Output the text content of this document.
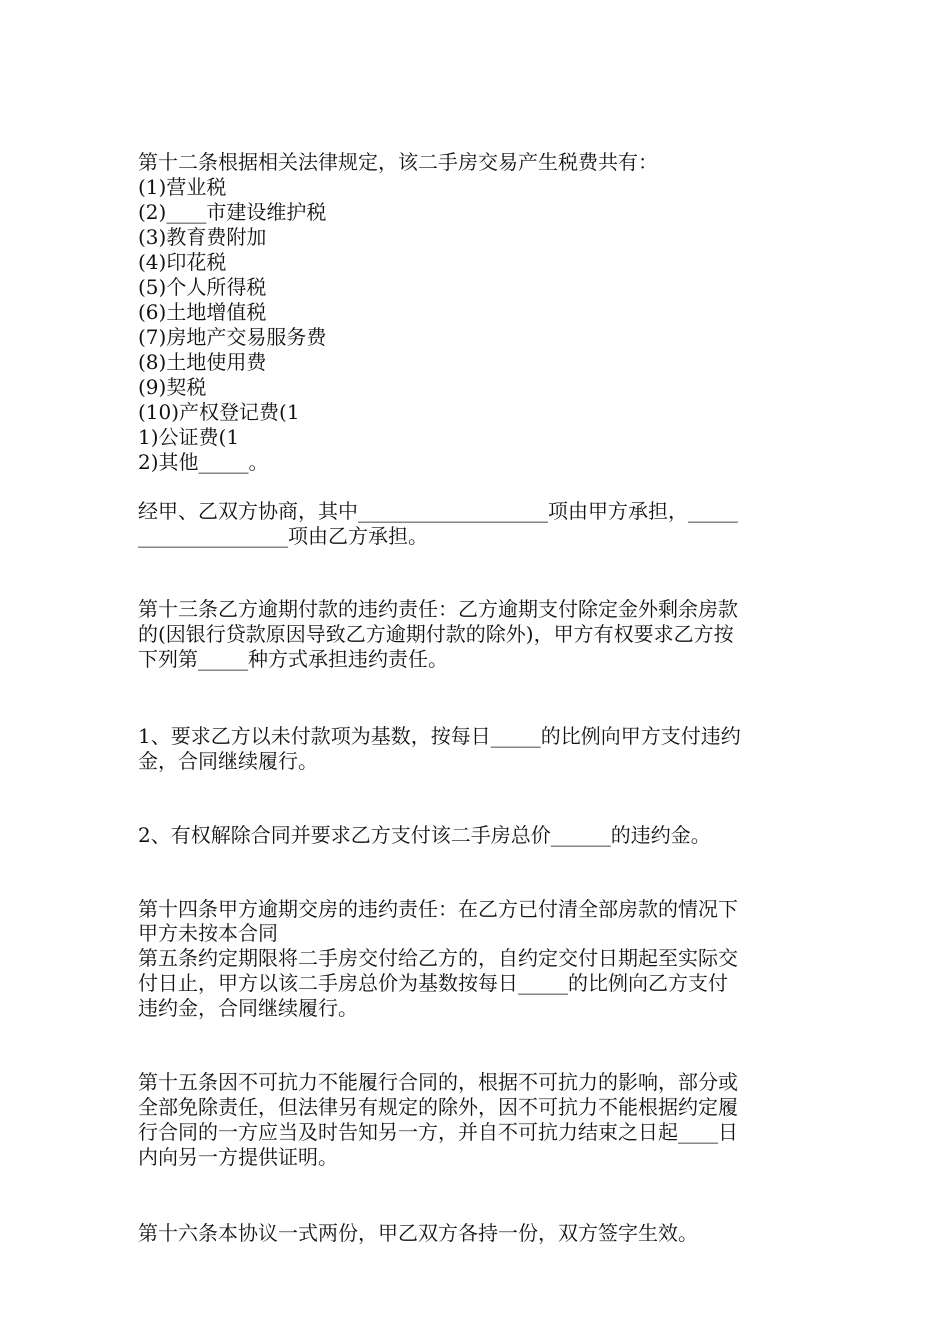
第十二条根据相关法律规定，该二手房交易产生税费共有：
(1)营业税
(2)____市建设维护税
(3)教育费附加
(4)印花税
(5)个人所得税
(6)土地增值税
(7)房地产交易服务费
(8)土地使用费
(9)契税
(10)产权登记费(1
1)公证费(1
2)其他_____。
经甲、乙双方协商，其中___________________项由甲方承担，_____
_______________项由乙方承担。
第十三条乙方逾期付款的违约责任：乙方逾期支付除定金外剩余房款
的(因银行贷款原因导致乙方逾期付款的除外)，甲方有权要求乙方按
下列第_____种方式承担违约责任。
1、要求乙方以未付款项为基数，按每日_____的比例向甲方支付违约
金，合同继续履行。
2、有权解除合同并要求乙方支付该二手房总价______的违约金。
第十四条甲方逾期交房的违约责任：在乙方已付清全部房款的情况下
甲方未按本合同
第五条约定期限将二手房交付给乙方的，自约定交付日期起至实际交
付日止，甲方以该二手房总价为基数按每日_____的比例向乙方支付
违约金，合同继续履行。
第十五条因不可抗力不能履行合同的，根据不可抗力的影响，部分或
全部免除责任，但法律另有规定的除外，因不可抗力不能根据约定履
行合同的一方应当及时告知另一方，并自不可抗力结束之日起____日
内向另一方提供证明。
第十六条本协议一式两份，甲乙双方各持一份，双方签字生效。
